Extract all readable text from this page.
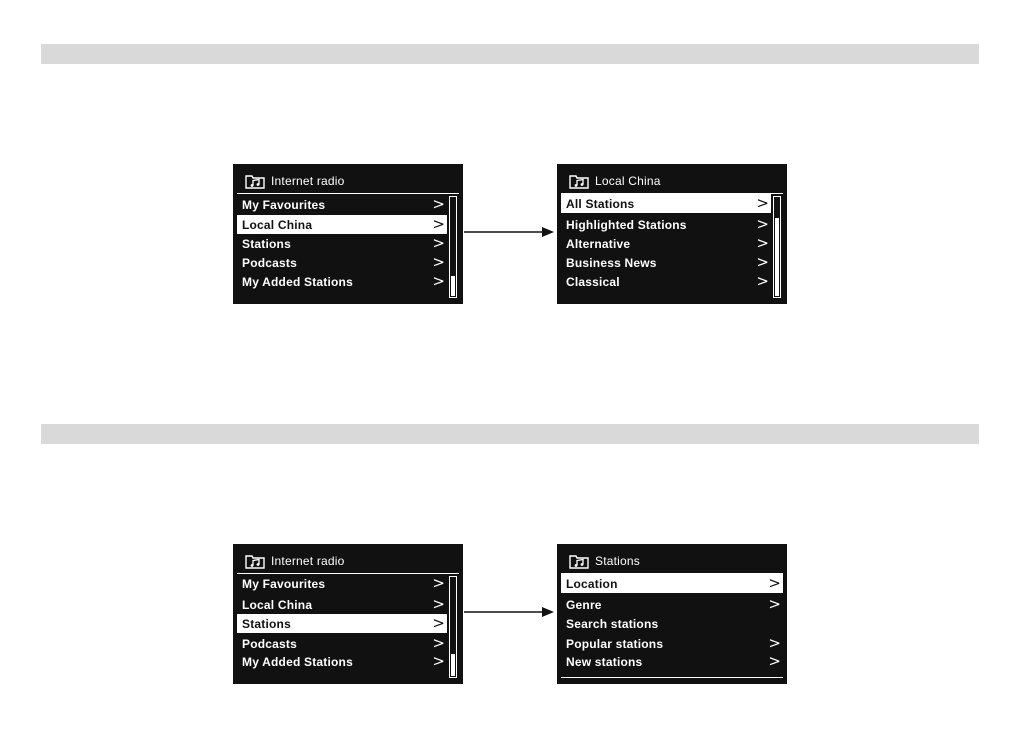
Internet radio
My Favourites	>
Local China	>
Stations	>
Podcasts	>
My Added Stations	>
Local China
All Stations	>
Highlighted Stations	>
Alternative	>
Business News	>
Classical	>
Internet radio
My Favourites	>
Local China	>
Stations	>
Podcasts	>
My Added Stations	>
Stations
Location	>
Genre	>
Search stations
Popular stations	>
New stations	>
